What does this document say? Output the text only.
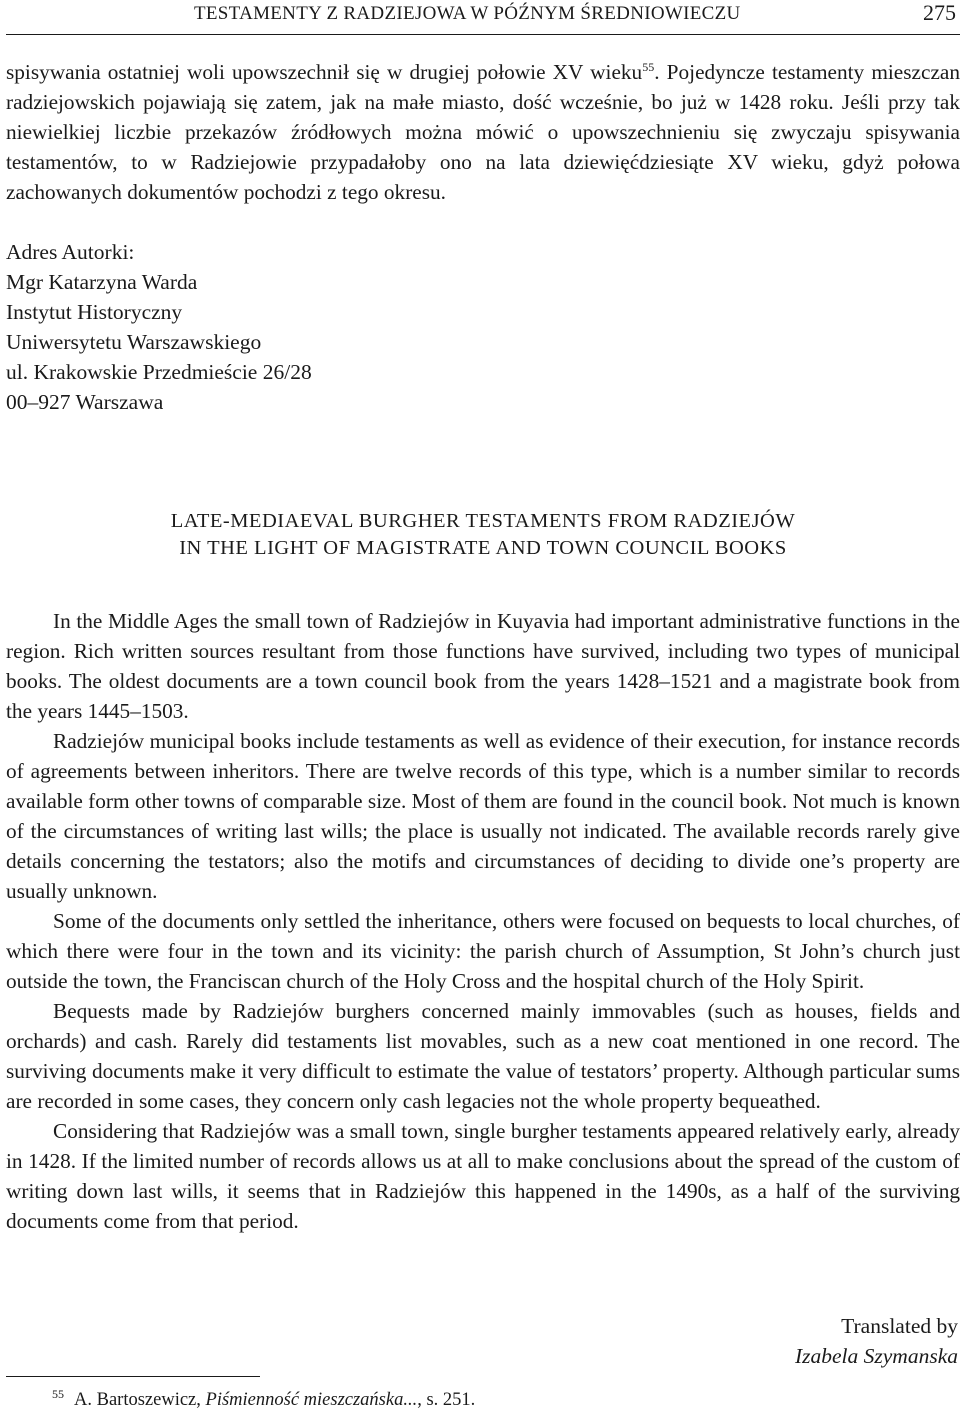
TESTAMENTY Z RADZIEJOWA W PÓŹNYM ŚREDNIOWIECZU	275

spisywania ostatniej woli upowszechnił się w drugiej połowie XV wieku$^{55}$. Pojedyncze testamenty mieszczan radziejowskich pojawiają się zatem, jak na małe miasto, dość wcześnie, bo już w 1428 roku. Jeśli przy tak niewielkiej liczbie przekazów źródłowych można mówić o upowszechnieniu się zwyczaju spisywania testamentów, to w Radziejowie przypadałoby ono na lata dziewięćdziesiąte XV wieku, gdyż połowa zachowanych dokumentów pochodzi z tego okresu.

Adres Autorki:
Mgr Katarzyna Warda
Instytut Historyczny
Uniwersytetu Warszawskiego
ul. Krakowskie Przedmieście 26/28
00–927 Warszawa
LATE-MEDIAEVAL BURGHER TESTAMENTS FROM RADZIEJÓW
IN THE LIGHT OF MAGISTRATE AND TOWN COUNCIL BOOKS

In the Middle Ages the small town of Radziejów in Kuyavia had important administrative functions in the region. Rich written sources resultant from those functions have survived, including two types of municipal books. The oldest documents are a town council book from the years 1428–1521 and a magistrate book from the years 1445–1503.

Radziejów municipal books include testaments as well as evidence of their execution, for instance records of agreements between inheritors. There are twelve records of this type, which is a number similar to records available form other towns of comparable size. Most of them are found in the council book. Not much is known of the circumstances of writing last wills; the place is usually not indicated. The available records rarely give details concerning the testators; also the motifs and circumstances of deciding to divide one’s property are usually unknown.

Some of the documents only settled the inheritance, others were focused on bequests to local churches, of which there were four in the town and its vicinity: the parish church of Assumption, St John’s church just outside the town, the Franciscan church of the Holy Cross and the hospital church of the Holy Spirit.

Bequests made by Radziejów burghers concerned mainly immovables (such as houses, fields and orchards) and cash. Rarely did testaments list movables, such as a new coat mentioned in one record. The surviving documents make it very difficult to estimate the value of testators’ property. Although particular sums are recorded in some cases, they concern only cash legacies not the whole property bequeathed.

Considering that Radziejów was a small town, single burgher testaments appeared relatively early, already in 1428. If the limited number of records allows us at all to make conclusions about the spread of the custom of writing down last wills, it seems that in Radziejów this happened in the 1490s, as a half of the surviving documents come from that period.

Translated by
Izabela Szymanska
$^{55}$ A. Bartoszewicz, Piśmienność mieszczańska..., s. 251.
